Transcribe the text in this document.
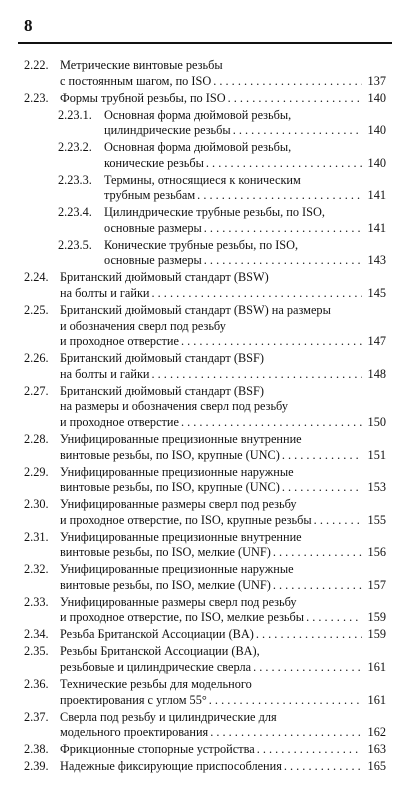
8
2.22. Метрические винтовые резьбы
с постоянным шагом, по ISO . . .	137
2.23. Формы трубной резьбы, по ISO . . .	140
2.23.1. Основная форма дюймовой резьбы,
цилиндрические резьбы . . .	140
2.23.2. Основная форма дюймовой резьбы,
конические резьбы . . .	140
2.23.3. Термины, относящиеся к коническим
трубным резьбам . . .	141
2.23.4. Цилиндрические трубные резьбы, по ISO,
основные размеры . . .	141
2.23.5. Конические трубные резьбы, по ISO,
основные размеры . . .	143
2.24. Британский дюймовый стандарт (BSW)
на болты и гайки . . .	145
2.25. Британский дюймовый стандарт (BSW) на размеры
и обозначения сверл под резьбу
и проходное отверстие . . .	147
2.26. Британский дюймовый стандарт (BSF)
на болты и гайки . . .	148
2.27. Британский дюймовый стандарт (BSF)
на размеры и обозначения сверл под резьбу
и проходное отверстие . . .	150
2.28. Унифицированные прецизионные внутренние
винтовые резьбы, по ISO, крупные (UNC) . . .	151
2.29. Унифицированные прецизионные наружные
винтовые резьбы, по ISO, крупные (UNC) . . .	153
2.30. Унифицированные размеры сверл под резьбу
и проходное отверстие, по ISO, крупные резьбы . . .	155
2.31. Унифицированные прецизионные внутренние
винтовые резьбы, по ISO, мелкие (UNF) . . .	156
2.32. Унифицированные прецизионные наружные
винтовые резьбы, по ISO, мелкие (UNF) . . .	157
2.33. Унифицированные размеры сверл под резьбу
и проходное отверстие, по ISO, мелкие резьбы . . .	159
2.34. Резьба Британской Ассоциации (BA) . . .	159
2.35. Резьбы Британской Ассоциации (BA),
резьбовые и цилиндрические сверла . . .	161
2.36. Технические резьбы для модельного
проектирования с углом 55° . . .	161
2.37. Сверла под резьбу и цилиндрические для
модельного проектирования . . .	162
2.38. Фрикционные стопорные устройства . . .	163
2.39. Надежные фиксирующие приспособления . . .	165
